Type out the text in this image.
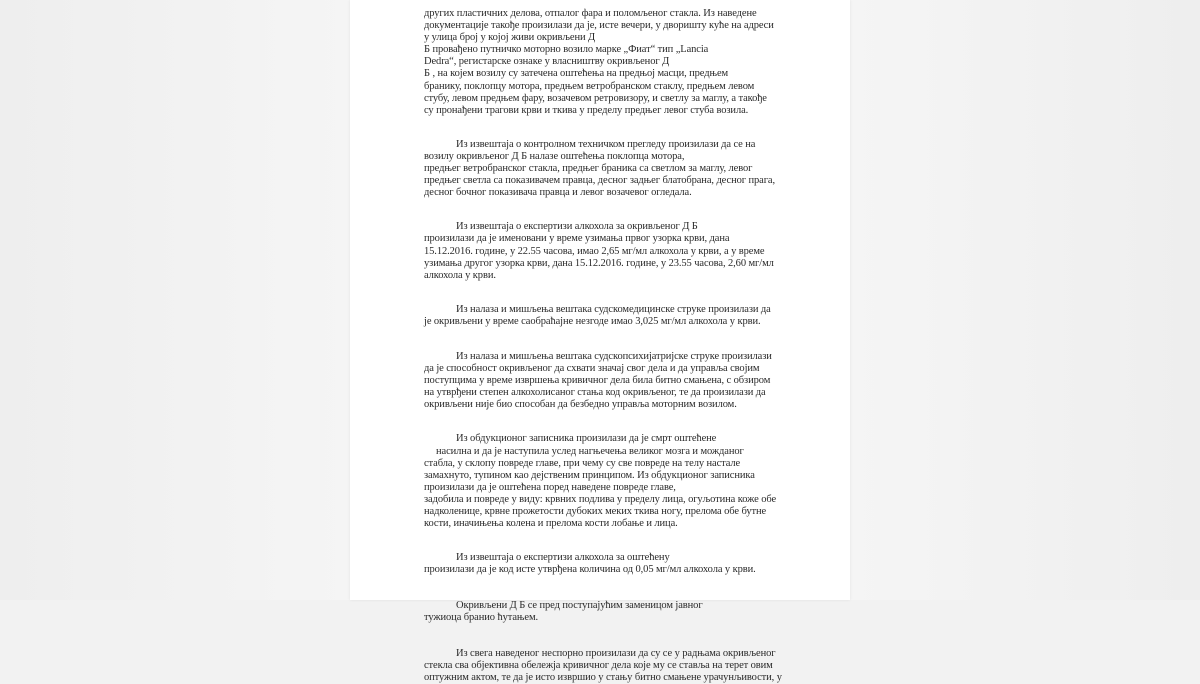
других пластичних делова, отпалог фара и поломљеног стакла. Из наведене
документације такође произилази да је, исте вечери, у дворишту куће на адреси
у улица број у којој живи окривљени Д
Б провађено путничко моторно возило марке „Фиат“ тип „Lancia
Dedra“, регистарске ознаке у власништву окривљеног Д
Б , на којем возилу су затечена оштећења на предњој масци, предњем
бранику, поклопцу мотора, предњем ветробранском стаклу, предњем левом
стубу, левом предњем фару, возачевом ретровизору, и светлу за маглу, а такође
су пронађени трагови крви и ткива у пределу предњег левог стуба возила.
Из извештаја о контролном техничком прегледу произилази да се на
возилу окривљеног Д Б налазе оштећења поклопца мотора,
предњег ветробранског стакла, предњег браника са светлом за маглу, левог
предњег светла са показивачем правца, десног задњег блатобрана, десног прага,
десног бочног показивача правца и левог возачевог огледала.
Из извештаја о експертизи алкохола за окривљеног Д Б
произилази да је именовани у време узимања првог узорка крви, дана
15.12.2016. године, у 22.55 часова, имао 2,65 мг/мл алкохола у крви, а у време
узимања другог узорка крви, дана 15.12.2016. године, у 23.55 часова, 2,60 мг/мл
алкохола у крви.
Из налаза и мишљења вештака судскомедицинске струке произилази да
је окривљени у време саобраћајне незгоде имао 3,025 мг/мл алкохола у крви.
Из налаза и мишљења вештака судскопсихијатријске струке произилази
да је способност окривљеног да схвати значај свог дела и да управља својим
поступцима у време извршења кривичног дела била битно смањена, с обзиром
на утврђени степен алкохолисаног стања код окривљеног, те да произилази да
окривљени није био способан да безбедно управља моторним возилом.
Из обдукционог записника произилази да је смрт оштећене
насилна и да је наступила услед нагњечења великог мозга и можданог
стабла, у склопу повреде главе, при чему су све повреде на телу настале
замахнуто, тупином као дејственим принципом. Из обдукционог записника
произилази да је оштећена поред наведене повреде главе,
задобила и повреде у виду: крвних подлива у пределу лица, огуљотина коже обе
надколенице, крвне прожетости дубоких меких ткива ногу, прелома обе бутне
кости, иначињења колена и прелома кости лобање и лица.
Из извештаја о експертизи алкохола за оштећену
произилази да је код исте утврђена количина од 0,05 мг/мл алкохола у крви.
Окривљени Д Б се пред поступајућим заменицом јавног
тужиоца бранио ћутањем.
Из свега наведеног неспорно произилази да су се у радњама окривљеног
стекла сва објективна обележја кривичног дела које му се ставља на терет овим
оптужним актом, те да је исто извршио у стању битно смањене урачунљивости, у
